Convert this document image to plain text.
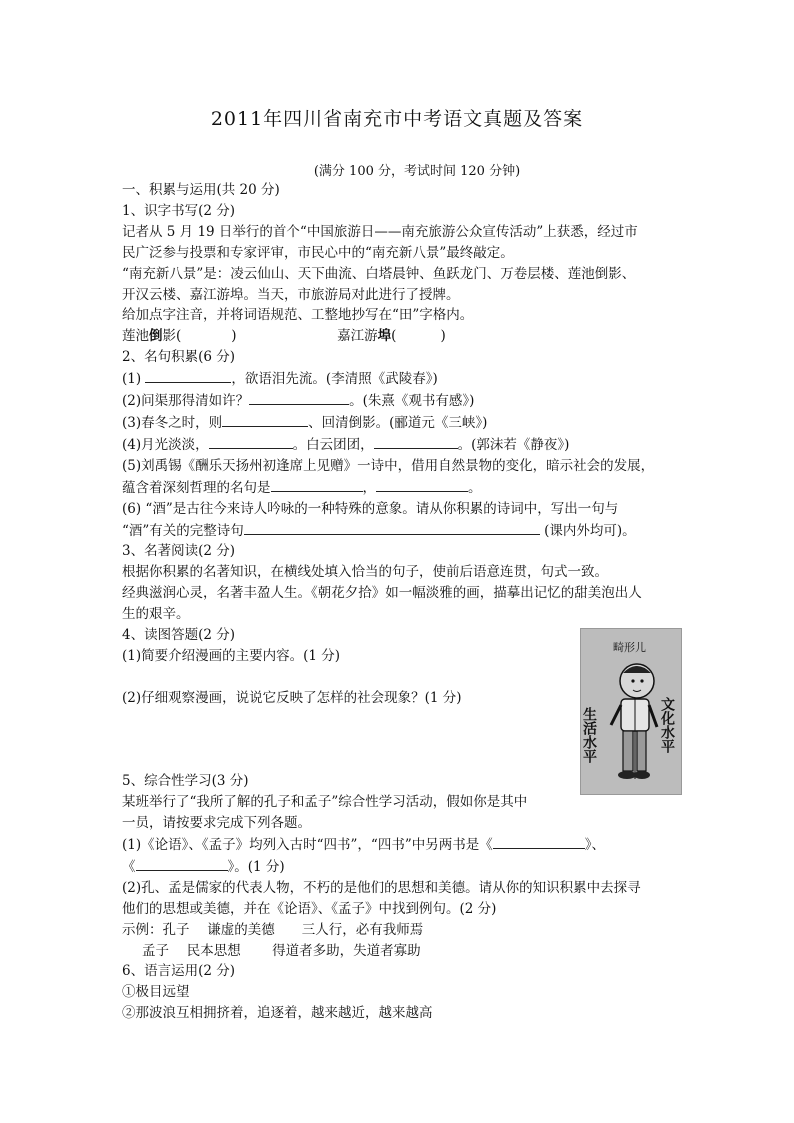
2011年四川省南充市中考语文真题及答案
(满分 100 分，考试时间 120 分钟)
一、积累与运用(共 20 分)
1、识字书写(2 分)
记者从 5 月 19 日举行的首个“中国旅游日——南充旅游公众宣传活动”上获悉，经过市
民广泛参与投票和专家评审，市民心中的“南充新八景”最终敲定。
“南充新八景”是：凌云仙山、天下曲流、白塔晨钟、鱼跃龙门、万卷层楼、莲池倒影、
开汉云楼、嘉江游埠。当天，市旅游局对此进行了授牌。
给加点字注音，并将词语规范、工整地抄写在“田”字格内。
莲池倒影(	)	嘉江游埠(	)
2、名句积累(6 分)
(1)	，欲语泪先流。(李清照《武陵春》)
(2)问渠那得清如许？	。(朱熹《观书有感》)
(3)春冬之时，则	、回清倒影。(郦道元《三峡》)
(4)月光淡淡，	。白云团团，	。(郭沫若《静夜》)
(5)刘禹锡《酬乐天扬州初逢席上见赠》一诗中，借用自然景物的变化，暗示社会的发展，
蕴含着深刻哲理的名句是	，	。
(6) “酒”是古往今来诗人吟咏的一种特殊的意象。请从你积累的诗词中，写出一句与
“酒”有关的完整诗句	(课内外均可)。
3、名著阅读(2 分)
根据你积累的名著知识，在横线处填入恰当的句子，使前后语意连贯，句式一致。
经典滋润心灵，名著丰盈人生。《朝花夕拾》如一幅淡雅的画，描摹出记忆的甜美泡出人
生的艰辛。
4、读图答题(2 分)
(1)简要介绍漫画的主要内容。(1 分)
(2)仔细观察漫画，说说它反映了怎样的社会现象？(1 分)
5、综合性学习(3 分)
某班举行了“我所了解的孔子和孟子”综合性学习活动，假如你是其中
一员，请按要求完成下列各题。
(1)《论语》、《孟子》均列入古时“四书”，“四书”中另两书是《	》、
《	》。(1 分)
(2)孔、孟是儒家的代表人物，不朽的是他们的思想和美德。请从你的知识积累中去探寻
他们的思想或美德，并在《论语》、《孟子》中找到例句。(2 分)
示例：孔子　 谦虚的美德　　三人行，必有我师焉
孟子　 民本思想　　 得道者多助，失道者寡助
6、语言运用(2 分)
①极目远望
②那波浪互相拥挤着，追逐着，越来越近，越来越高
畸形儿
生活水平	文化水平
